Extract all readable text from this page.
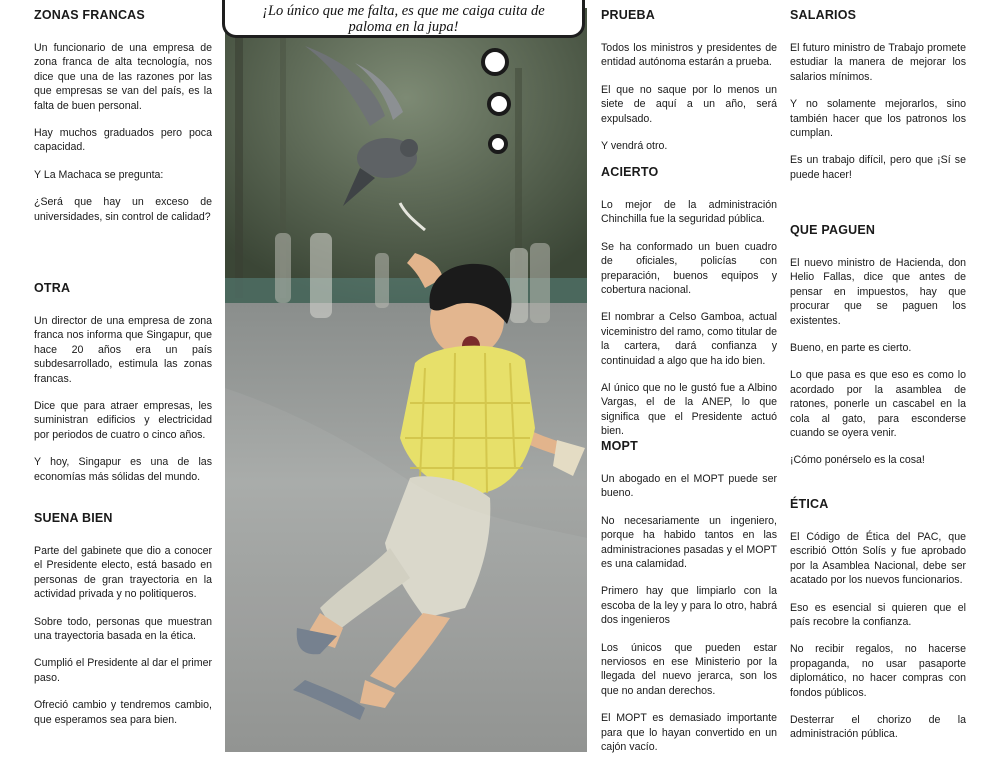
ZONAS FRANCAS

Un funcionario de una empresa de zona franca de alta tecnología, nos dice que una de las razones por las que empresas se van del país, es la falta de buen personal.

Hay muchos graduados pero poca capacidad.

Y La Machaca se pregunta:

¿Será que hay un exceso de universidades, sin control de calidad?

OTRA

Un director de una empresa de zona franca nos informa que Singapur, que hace 20 años era un país subdesarrollado, estimula las zonas francas.

Dice que para atraer empresas, les suministran edificios y electricidad por periodos de cuatro o cinco años.

Y hoy, Singapur es una de las economías más sólidas del mundo.

SUENA BIEN

Parte del gabinete que dio a conocer el Presidente electo, está basado en personas de gran trayectoria en la actividad privada y no politiqueros.

Sobre todo, personas que muestran una trayectoria basada en la ética.

Cumplió el Presidente al dar el primer paso.

Ofreció cambio y tendremos cambio, que esperamos sea para bien.

¡Lo único que me falta, es que me caiga cuita de
paloma en la jupa!
PRUEBA

Todos los ministros y presidentes de entidad autónoma estarán a prueba.

El que no saque por lo menos un siete de aquí a un año, será expulsado.

Y vendrá otro.

ACIERTO

Lo mejor de la administración Chinchilla fue la seguridad pública.

Se ha conformado un buen cuadro de oficiales, policías con preparación, buenos equipos y cobertura nacional.

El nombrar a Celso Gamboa, actual viceministro del ramo, como titular de la cartera, dará confianza y continuidad a algo que ha ido bien.

Al único que no le gustó fue a Albino Vargas, el de la ANEP, lo que significa que el Presidente actuó bien.

MOPT

Un abogado en el MOPT puede ser bueno.

No necesariamente un ingeniero, porque ha habido tantos en las administraciones pasadas y el MOPT es una calamidad.

Primero hay que limpiarlo con la escoba de la ley y para lo otro, habrá dos ingenieros

Los únicos que pueden estar nerviosos en ese Ministerio por la llegada del nuevo jerarca, son los que no andan derechos.

El MOPT es demasiado importante para que lo hayan convertido en un cajón vacío.

SALARIOS

El futuro ministro de Trabajo promete estudiar la manera de mejorar los salarios mínimos.

Y no solamente mejorarlos, sino también hacer que los patronos los cumplan.

Es un trabajo difícil, pero que ¡Sí se puede hacer!

QUE PAGUEN

El nuevo ministro de Hacienda, don Helio Fallas, dice que antes de pensar en impuestos, hay que procurar que se paguen los existentes.

Bueno, en parte es cierto.

Lo que pasa es que eso es como lo acordado por la asamblea de ratones, ponerle un cascabel en la cola al gato, para esconderse cuando se oyera venir.

¡Cómo ponérselo es la cosa!

ÉTICA

El Código de Ética del PAC, que escribió Ottón Solís y fue aprobado por la Asamblea Nacional, debe ser acatado por los nuevos funcionarios.

Eso es esencial si quieren que el país recobre la confianza.

No recibir regalos, no hacerse propaganda, no usar pasaporte diplomático, no hacer compras con fondos públicos.

Desterrar el chorizo de la administración pública.
